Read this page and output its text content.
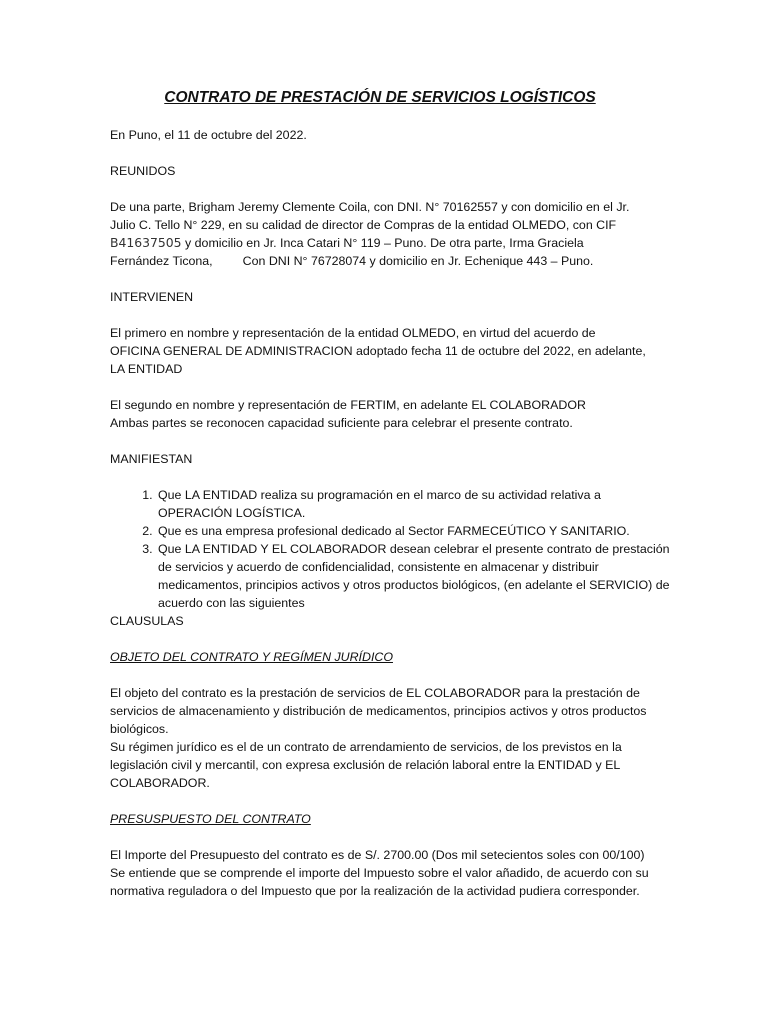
CONTRATO DE PRESTACIÓN DE SERVICIOS LOGÍSTICOS

En Puno, el 11 de octubre del 2022.

REUNIDOS

De una parte, Brigham Jeremy Clemente Coila, con DNI. N° 70162557 y con domicilio en el Jr.
Julio C. Tello N° 229, en su calidad de director de Compras de la entidad OLMEDO, con CIF
B41637505 y domicilio en Jr. Inca Catari N° 119 – Puno. De otra parte, Irma Graciela
Fernández Ticona, Con DNI N° 76728074 y domicilio en Jr. Echenique 443 – Puno.

INTERVIENEN

El primero en nombre y representación de la entidad OLMEDO, en virtud del acuerdo de
OFICINA GENERAL DE ADMINISTRACION adoptado fecha 11 de octubre del 2022, en adelante,
LA ENTIDAD
El segundo en nombre y representación de FERTIM, en adelante EL COLABORADOR
Ambas partes se reconocen capacidad suficiente para celebrar el presente contrato.

MANIFIESTAN

1. Que LA ENTIDAD realiza su programación en el marco de su actividad relativa a OPERACIÓN LOGÍSTICA.
2. Que es una empresa profesional dedicado al Sector FARMECEÚTICO Y SANITARIO.
3. Que LA ENTIDAD Y EL COLABORADOR desean celebrar el presente contrato de prestación de servicios y acuerdo de confidencialidad, consistente en almacenar y distribuir medicamentos, principios activos y otros productos biológicos, (en adelante el SERVICIO) de acuerdo con las siguientes

CLAUSULAS

OBJETO DEL CONTRATO Y REGÍMEN JURÍDICO

El objeto del contrato es la prestación de servicios de EL COLABORADOR para la prestación de servicios de almacenamiento y distribución de medicamentos, principios activos y otros productos biológicos.

Su régimen jurídico es el de un contrato de arrendamiento de servicios, de los previstos en la legislación civil y mercantil, con expresa exclusión de relación laboral entre la ENTIDAD y EL COLABORADOR.

PRESUSPUESTO DEL CONTRATO

El Importe del Presupuesto del contrato es de S/. 2700.00 (Dos mil setecientos soles con 00/100)

Se entiende que se comprende el importe del Impuesto sobre el valor añadido, de acuerdo con su normativa reguladora o del Impuesto que por la realización de la actividad pudiera corresponder.
